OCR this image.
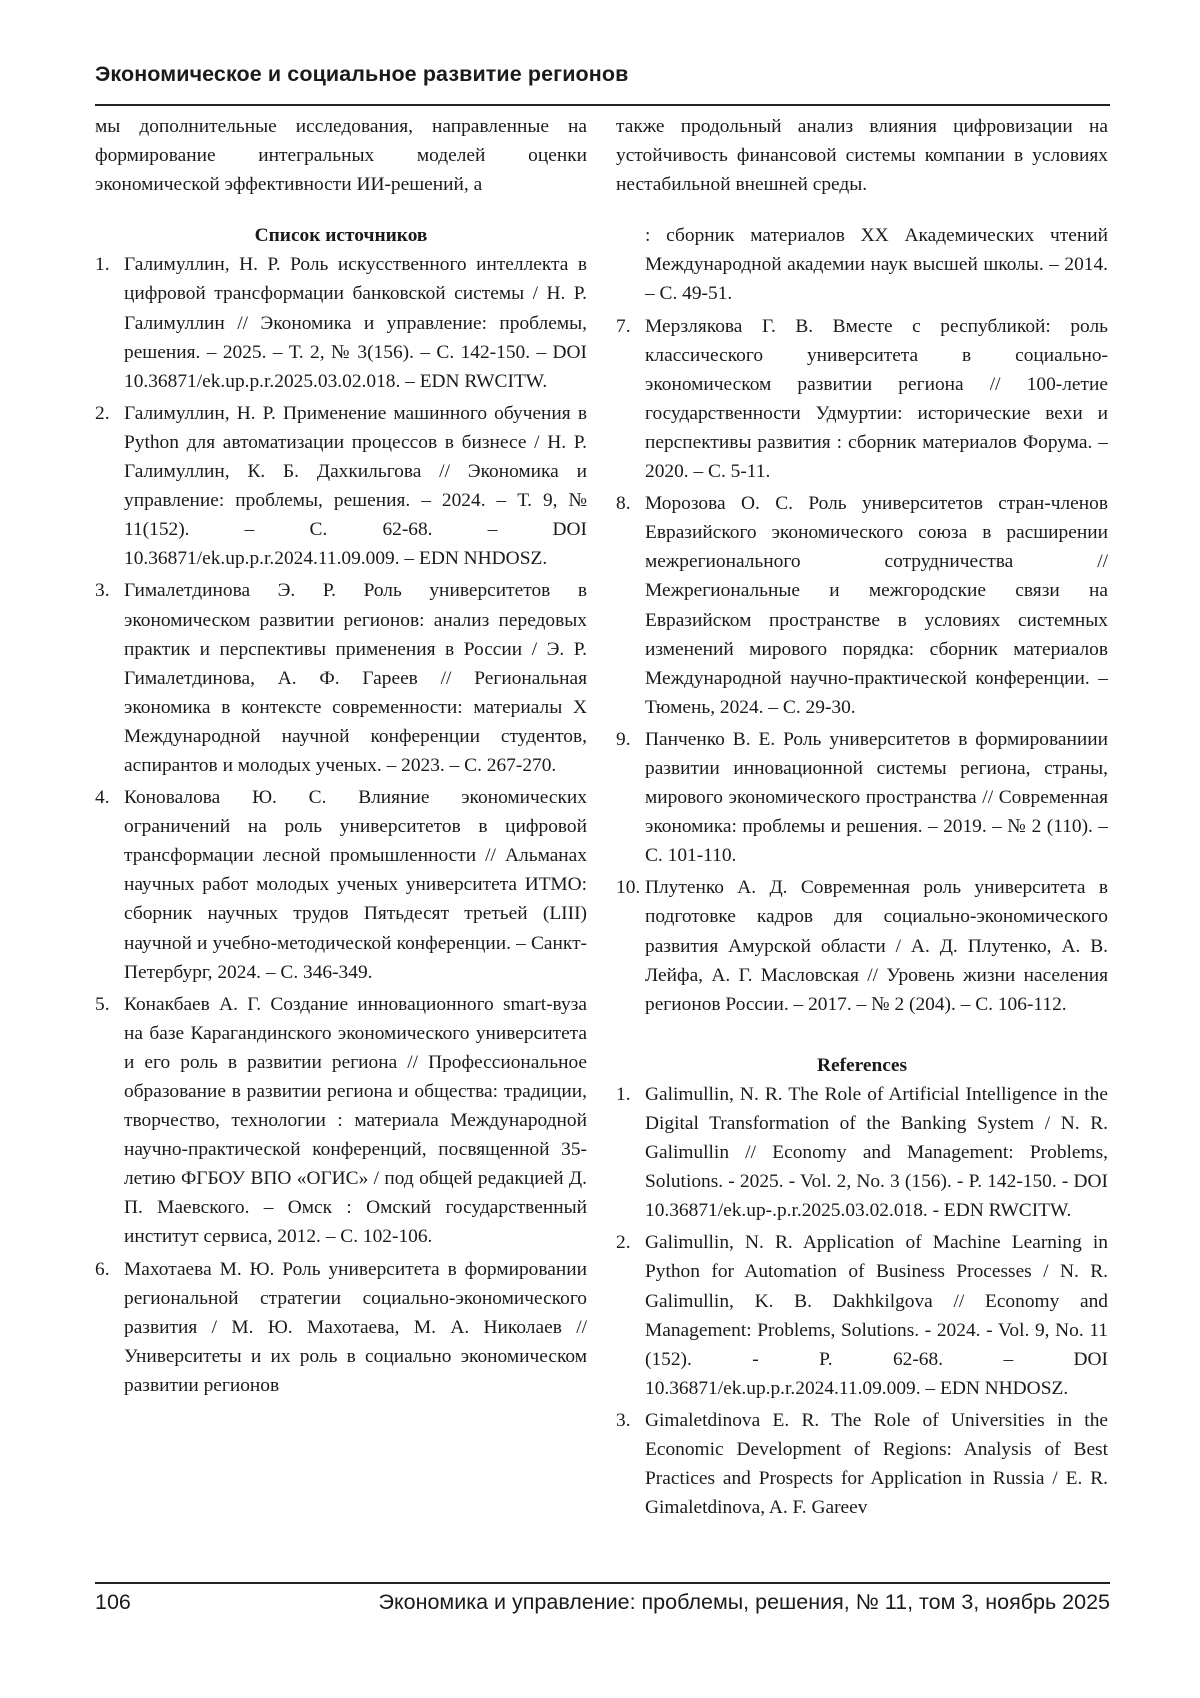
Экономическое и социальное развитие регионов

мы дополнительные исследования, направленные на формирование интегральных моделей оценки экономической эффективности ИИ-решений, а

Список источников

1. Галимуллин, Н. Р. Роль искусственного интеллекта в цифровой трансформации банковской системы / Н. Р. Галимуллин // Экономика и управление: проблемы, решения. – 2025. – Т. 2, № 3(156). – С. 142-150. – DOI 10.36871/ek.up.p.r.2025.03.02.018. – EDN RWCITW.
2. Галимуллин, Н. Р. Применение машинного обучения в Python для автоматизации процессов в бизнесе / Н. Р. Галимуллин, К. Б. Дахкильгова // Экономика и управление: проблемы, решения. – 2024. – Т. 9, № 11(152). – С. 62-68. – DOI 10.36871/ek.up.p.r.2024.11.09.009. – EDN NHDOSZ.
3. Гималетдинова Э. Р. Роль университетов в экономическом развитии регионов: анализ передовых практик и перспективы применения в России / Э. Р. Гималетдинова, А. Ф. Гареев // Региональная экономика в контексте современности: материалы X Международной научной конференции студентов, аспирантов и молодых ученых. – 2023. – С. 267-270.
4. Коновалова Ю. С. Влияние экономических ограничений на роль университетов в цифровой трансформации лесной промышленности // Альманах научных работ молодых ученых университета ИТМО: сборник научных трудов Пятьдесят третьей (LIII) научной и учебно-методической конференции. – Санкт-Петербург, 2024. – С. 346-349.
5. Конакбаев А. Г. Создание инновационного smart-вуза на базе Карагандинского экономического университета и его роль в развитии региона // Профессиональное образование в развитии региона и общества: традиции, творчество, технологии : материала Международной научно-практической конференций, посвященной 35-летию ФГБОУ ВПО «ОГИС» / под общей редакцией Д. П. Маевского. – Омск : Омский государственный институт сервиса, 2012. – С. 102-106.
6. Махотаева М. Ю. Роль университета в формировании региональной стратегии социально-экономического развития / М. Ю. Махотаева, М. А. Николаев // Университеты и их роль в социально экономическом развитии регионов

также продольный анализ влияния цифровизации на устойчивость финансовой системы компании в условиях нестабильной внешней среды.

: сборник материалов XX Академических чтений Международной академии наук высшей школы. – 2014. – С. 49-51.

7. Мерзлякова Г. В. Вместе с республикой: роль классического университета в социально-экономическом развитии региона // 100-летие государственности Удмуртии: исторические вехи и перспективы развития : сборник материалов Форума. – 2020. – С. 5-11.
8. Морозова О. С. Роль университетов стран-членов Евразийского экономического союза в расширении межрегионального сотрудничества // Межрегиональные и межгородские связи на Евразийском пространстве в условиях системных изменений мирового порядка: сборник материалов Международной научно-практической конференции. – Тюмень, 2024. – С. 29-30.
9. Панченко В. Е. Роль университетов в формированиии развитии инновационной системы региона, страны, мирового экономического пространства // Современная экономика: проблемы и решения. – 2019. – № 2 (110). – С. 101-110.
10. Плутенко А. Д. Современная роль университета в подготовке кадров для социально-экономического развития Амурской области / А. Д. Плутенко, А. В. Лейфа, А. Г. Масловская // Уровень жизни населения регионов России. – 2017. – № 2 (204). – С. 106-112.

References

1. Galimullin, N. R. The Role of Artificial Intelligence in the Digital Transformation of the Banking System / N. R. Galimullin // Economy and Management: Problems, Solutions. - 2025. - Vol. 2, No. 3 (156). - P. 142-150. - DOI 10.36871/ek.up-.p.r.2025.03.02.018. - EDN RWCITW.
2. Galimullin, N. R. Application of Machine Learning in Python for Automation of Business Processes / N. R. Galimullin, K. B. Dakhkilgova // Economy and Management: Problems, Solutions. - 2024. - Vol. 9, No. 11 (152). - P. 62-68. – DOI 10.36871/ek.up.p.r.2024.11.09.009. – EDN NHDOSZ.
3. Gimaletdinova E. R. The Role of Universities in the Economic Development of Regions: Analysis of Best Practices and Prospects for Application in Russia / E. R. Gimaletdinova, A. F. Gareev
106	Экономика и управление: проблемы, решения, № 11, том 3, ноябрь 2025
